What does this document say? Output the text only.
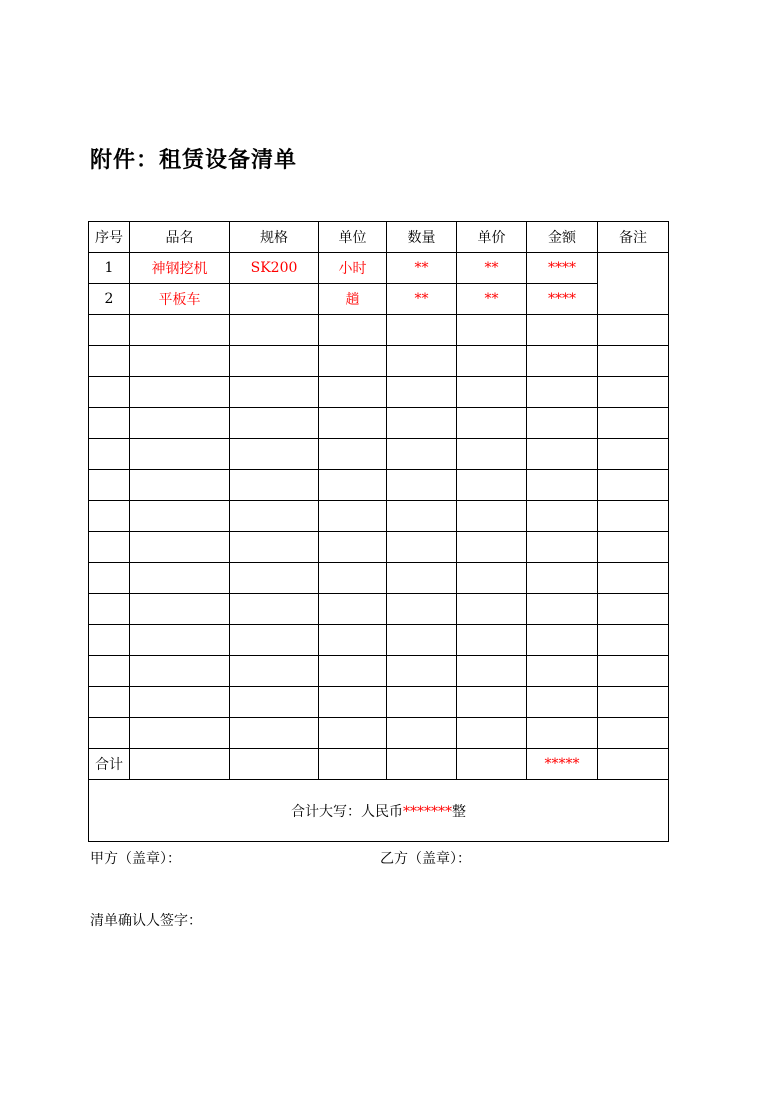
附件：租赁设备清单
序号	品名	规格	单位	数量	单价	金额	备注
1	神钢挖机	SK200	小时	**	**	****	
2	平板车		趟	**	**	****	

合计						*****	
合计大写：人民币*******整							
甲方（盖章）：	乙方（盖章）：
清单确认人签字：
